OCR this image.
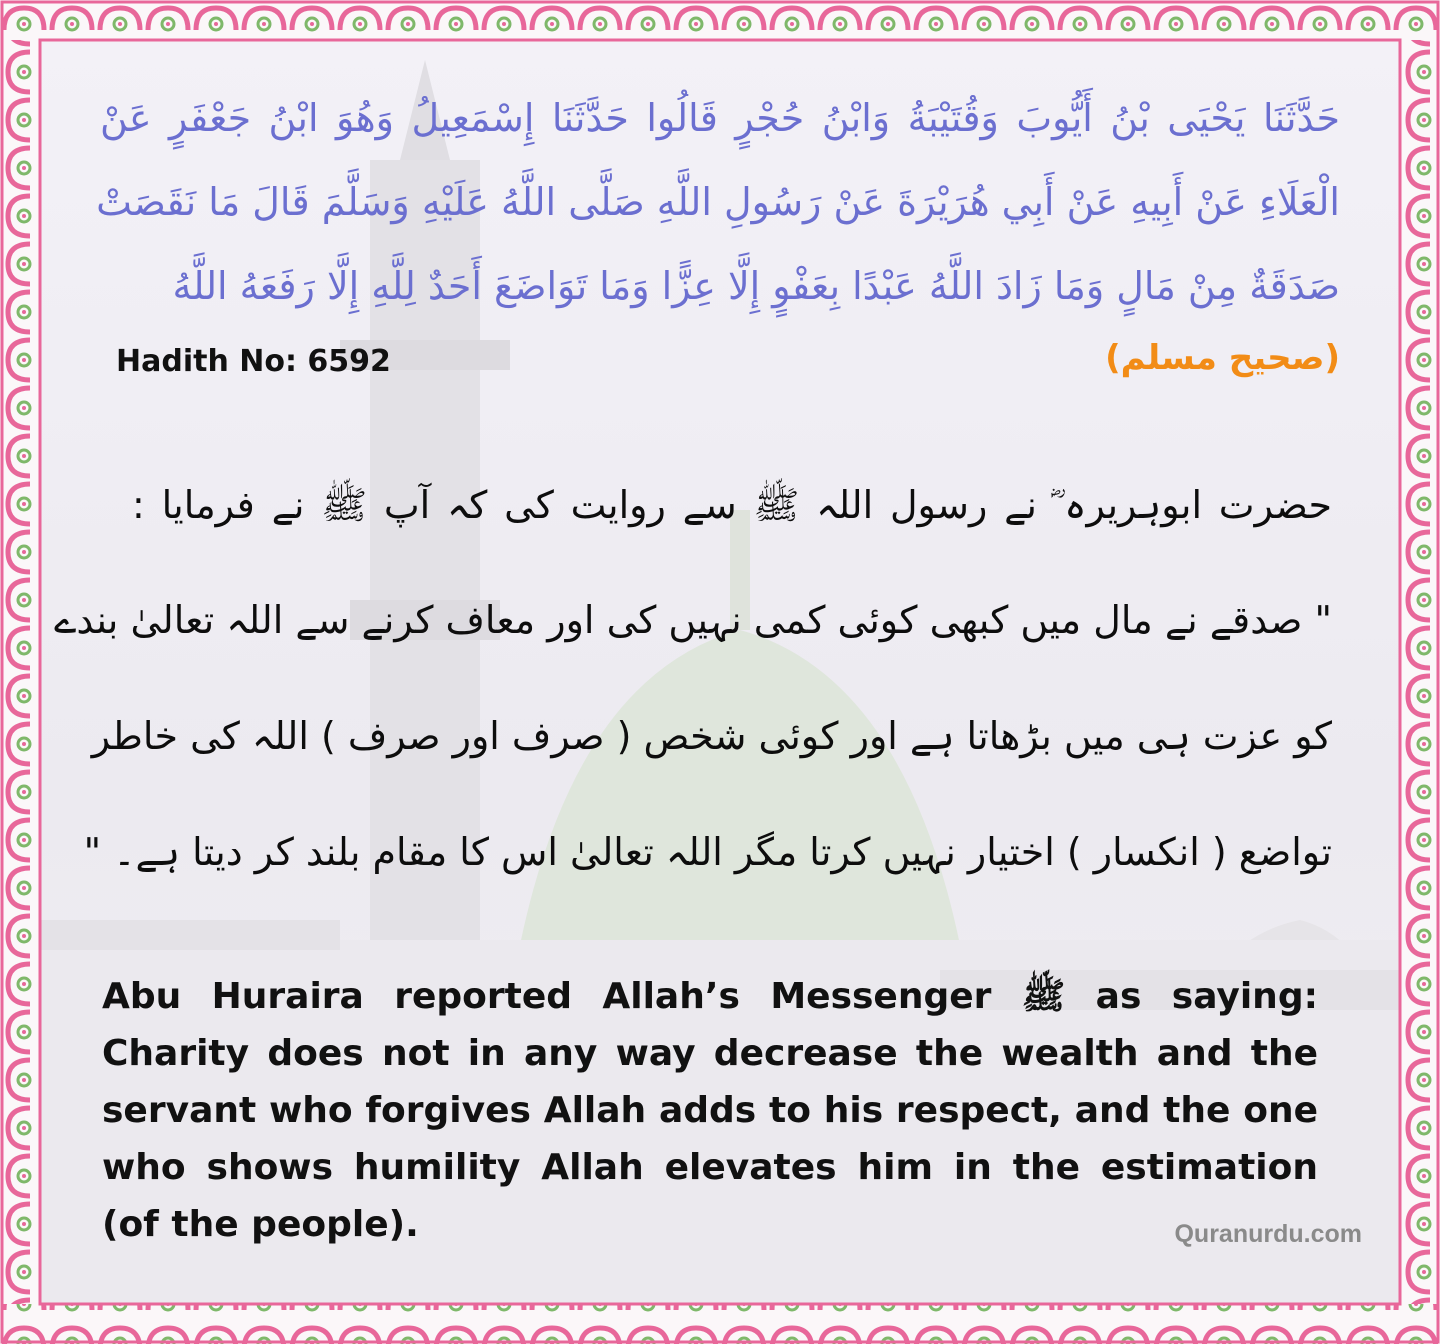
حَدَّثَنَا يَحْيَى بْنُ أَيُّوبَ وَقُتَيْبَةُ وَابْنُ حُجْرٍ قَالُوا حَدَّثَنَا إِسْمَعِيلُ وَهُوَ ابْنُ جَعْفَرٍ عَنْ
الْعَلَاءِ عَنْ أَبِيهِ عَنْ أَبِي هُرَيْرَةَ عَنْ رَسُولِ اللَّهِ صَلَّى اللَّهُ عَلَيْهِ وَسَلَّمَ قَالَ مَا نَقَصَتْ
صَدَقَةٌ مِنْ مَالٍ وَمَا زَادَ اللَّهُ عَبْدًا بِعَفْوٍ إِلَّا عِزًّا وَمَا تَوَاضَعَ أَحَدٌ لِلَّهِ إِلَّا رَفَعَهُ اللَّهُ
Hadith No: 6592	(صحیح مسلم)
حضرت ابوہریرہ ؓ نے رسول اللہ ﷺ سے روایت کی کہ آپ ﷺ نے فرمایا :
" صدقے نے مال میں کبھی کوئی کمی نہیں کی اور معاف کرنے سے اللہ تعالیٰ بندے
کو عزت ہی میں بڑھاتا ہے اور کوئی شخص ( صرف اور صرف ) اللہ کی خاطر
تواضع ( انکسار ) اختیار نہیں کرتا مگر اللہ تعالیٰ اس کا مقام بلند کر دیتا ہے۔ "
Abu Huraira reported Allah’s Messenger ﷺ as saying: Charity does not in any way decrease the wealth and the servant who forgives Allah adds to his respect, and the one who shows humility Allah elevates him in the estimation (of the people).	Quranurdu.com
